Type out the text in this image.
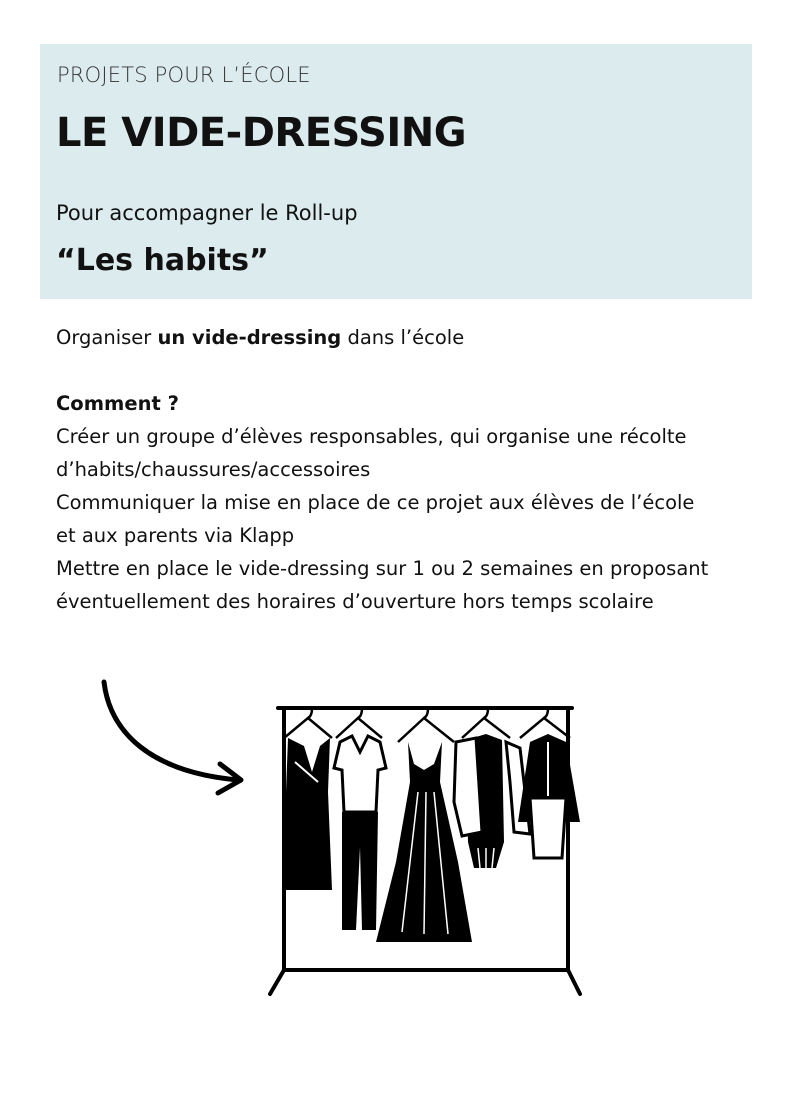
PROJETS POUR L’ÉCOLE
LE VIDE-DRESSING
Pour accompagner le Roll-up
“Les habits”

Organiser un vide-dressing dans l’école

Comment ?

Créer un groupe d’élèves responsables, qui organise une récolte

d’habits/chaussures/accessoires

Communiquer la mise en place de ce projet aux élèves de l’école

et aux parents via Klapp

Mettre en place le vide-dressing sur 1 ou 2 semaines en proposant

éventuellement des horaires d’ouverture hors temps scolaire
